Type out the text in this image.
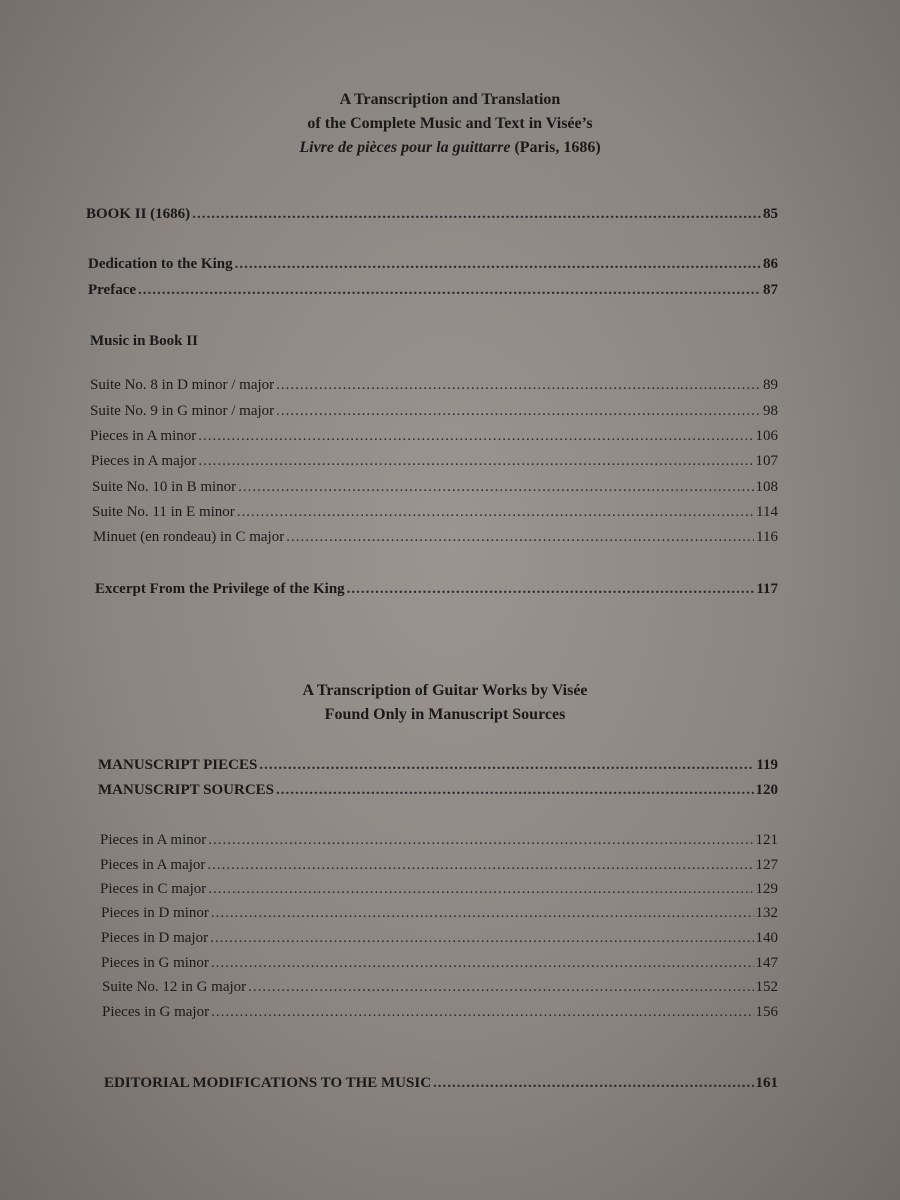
A Transcription and Translation
of the Complete Music and Text in Visée’s
Livre de pièces pour la guittarre (Paris, 1686)
BOOK II (1686) .....	85
Dedication to the King .....	86
Preface .....	87
Music in Book II
Suite No. 8 in D minor / major .....	89
Suite No. 9 in G minor / major .....	98
Pieces in A minor .....	106
Pieces in A major .....	107
Suite No. 10 in B minor .....	108
Suite No. 11 in E minor .....	114
Minuet (en rondeau) in C major .....	116
Excerpt From the Privilege of the King .....	117
A Transcription of Guitar Works by Visée
Found Only in Manuscript Sources
MANUSCRIPT PIECES .....	119
MANUSCRIPT SOURCES .....	120
Pieces in A minor .....	121
Pieces in A major .....	127
Pieces in C major .....	129
Pieces in D minor .....	132
Pieces in D major .....	140
Pieces in G minor .....	147
Suite No. 12 in G major .....	152
Pieces in G major .....	156
EDITORIAL MODIFICATIONS TO THE MUSIC .....	161
